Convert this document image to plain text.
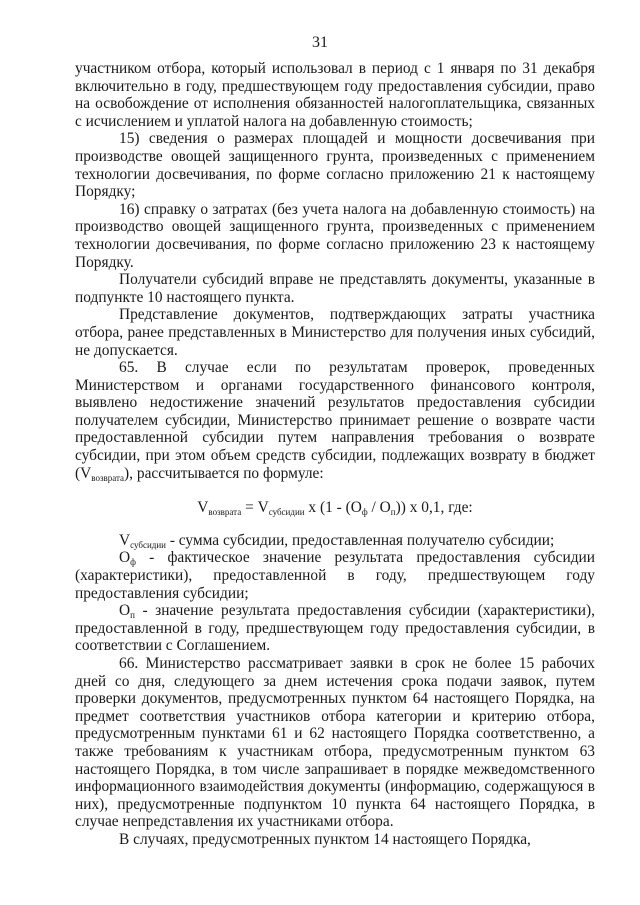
31

участником отбора, который использовал в период с 1 января по 31 декабря включительно в году, предшествующем году предоставления субсидии, право на освобождение от исполнения обязанностей налогоплательщика, связанных с исчислением и уплатой налога на добавленную стоимость;

15) сведения о размерах площадей и мощности досвечивания при производстве овощей защищенного грунта, произведенных с применением технологии досвечивания, по форме согласно приложению 21 к настоящему Порядку;

16) справку о затратах (без учета налога на добавленную стоимость) на производство овощей защищенного грунта, произведенных с применением технологии досвечивания, по форме согласно приложению 23 к настоящему Порядку.

Получатели субсидий вправе не представлять документы, указанные в подпункте 10 настоящего пункта.

Представление документов, подтверждающих затраты участника отбора, ранее представленных в Министерство для получения иных субсидий, не допускается.

65. В случае если по результатам проверок, проведенных Министерством и органами государственного финансового контроля, выявлено недостижение значений результатов предоставления субсидии получателем субсидии, Министерство принимает решение о возврате части предоставленной субсидии путем направления требования о возврате субсидии, при этом объем средств субсидии, подлежащих возврату в бюджет $(V_{возврата})$, рассчитывается по формуле:

$V_{возврата} = V_{субсидии}$ x $(1 - (O_ф / O_п))$ x 0,1, где:

$V_{субсидии}$ - сумма субсидии, предоставленная получателю субсидии;

$O_ф$ - фактическое значение результата предоставления субсидии (характеристики), предоставленной в году, предшествующем году предоставления субсидии;

$O_п$ - значение результата предоставления субсидии (характеристики), предоставленной в году, предшествующем году предоставления субсидии, в соответствии с Соглашением.

66. Министерство рассматривает заявки в срок не более 15 рабочих дней со дня, следующего за днем истечения срока подачи заявок, путем проверки документов, предусмотренных пунктом 64 настоящего Порядка, на предмет соответствия участников отбора категории и критерию отбора, предусмотренным пунктами 61 и 62 настоящего Порядка соответственно, а также требованиям к участникам отбора, предусмотренным пунктом 63 настоящего Порядка, в том числе запрашивает в порядке межведомственного информационного взаимодействия документы (информацию, содержащуюся в них), предусмотренные подпунктом 10 пункта 64 настоящего Порядка, в случае непредставления их участниками отбора.

В случаях, предусмотренных пунктом 14 настоящего Порядка,
